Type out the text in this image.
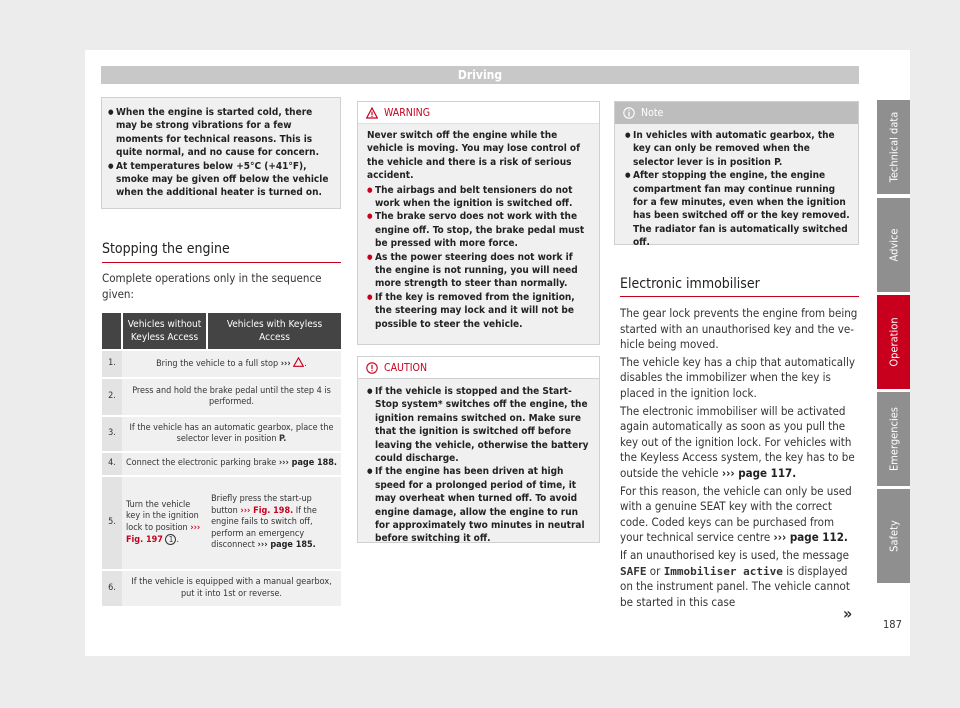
Driving
● When the engine is started cold, there may be strong vibrations for a few moments for technical reasons. This is quite normal, and no cause for concern.
● At temperatures below +5°C (+41°F), smoke may be given off below the vehicle when the additional heater is turned on.
Stopping the engine
Complete operations only in the sequence given:
	Vehicles without Keyless Access	Vehicles with Keyless Access
1.	Bring the vehicle to a full stop ››› .	
2.	Press and hold the brake pedal until the step 4 is performed.	
3.	If the vehicle has an automatic gearbox, place the selector lever in position P.	
4.	Connect the electronic parking brake ››› page 188.	
5.	Turn the vehicle key in the ignition lock to position ››› Fig. 197 1 .	Briefly press the start-up button ››› Fig. 198. If the engine fails to switch off, perform an emergency disconnect ››› page 185.
6.	If the vehicle is equipped with a manual gearbox, put it into 1st or reverse.	
WARNING
Never switch off the engine while the vehicle is moving. You may lose control of the vehicle and there is a risk of serious accident.
● The airbags and belt tensioners do not work when the ignition is switched off.
● The brake servo does not work with the engine off. To stop, the brake pedal must be pressed with more force.
● As the power steering does not work if the engine is not running, you will need more strength to steer than normally.
● If the key is removed from the ignition, the steering may lock and it will not be possible to steer the vehicle.
CAUTION
● If the vehicle is stopped and the Start-Stop system* switches off the engine, the ignition remains switched on. Make sure that the ignition is switched off before leaving the vehicle, otherwise the battery could discharge.
● If the engine has been driven at high speed for a prolonged period of time, it may overheat when turned off. To avoid engine damage, allow the engine to run for approximately two minutes in neutral before switching it off.
Note
● In vehicles with automatic gearbox, the key can only be removed when the selector lever is in position P.
● After stopping the engine, the engine compartment fan may continue running for a few minutes, even when the ignition has been switched off or the key removed. The radiator fan is automatically switched off.
Electronic immobiliser

The gear lock prevents the engine from being started with an unauthorised key and the vehicle being moved.

The vehicle key has a chip that automatically disables the immobilizer when the key is placed in the ignition lock.

The electronic immobiliser will be activated again automatically as soon as you pull the key out of the ignition lock. For vehicles with the Keyless Access system, the key has to be outside the vehicle ››› page 117.

For this reason, the vehicle can only be used with a genuine SEAT key with the correct code. Coded keys can be purchased from your technical service centre ››› page 112.

If an unauthorised key is used, the message SAFE or Immobiliser active is displayed on the instrument panel. The vehicle cannot be started in this case

»
Technical data
Advice
Operation
Emergencies
Safety
187
